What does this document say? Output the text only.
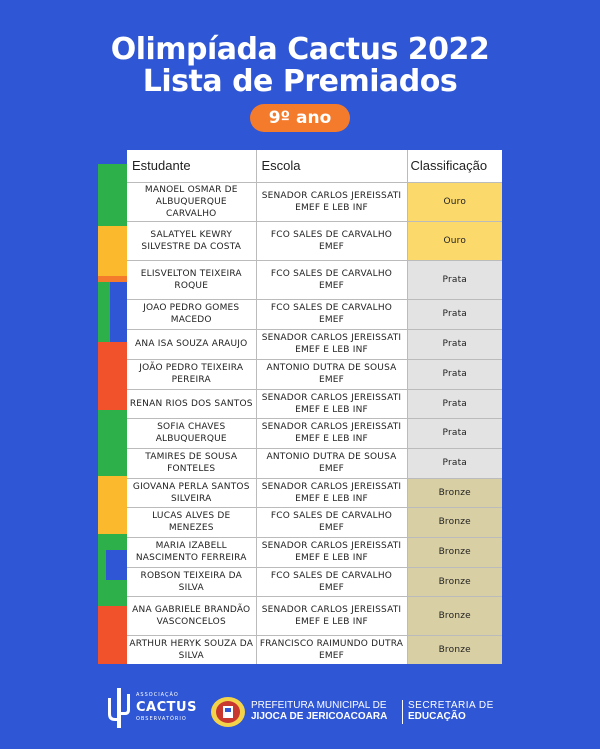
Olimpíada Cactus 2022
Lista de Premiados
9º ano
Estudante	Escola	Classificação
MANOEL OSMAR DE ALBUQUERQUE CARVALHO	SENADOR CARLOS JEREISSATI EMEF E LEB INF	Ouro
SALATYEL KEWRY SILVESTRE DA COSTA	FCO SALES DE CARVALHO EMEF	Ouro
ELISVELTON TEIXEIRA ROQUE	FCO SALES DE CARVALHO EMEF	Prata
JOAO PEDRO GOMES MACEDO	FCO SALES DE CARVALHO EMEF	Prata
ANA ISA SOUZA ARAUJO	SENADOR CARLOS JEREISSATI EMEF E LEB INF	Prata
JOÃO PEDRO TEIXEIRA PEREIRA	ANTONIO DUTRA DE SOUSA EMEF	Prata
RENAN RIOS DOS SANTOS	SENADOR CARLOS JEREISSATI EMEF E LEB INF	Prata
SOFIA CHAVES ALBUQUERQUE	SENADOR CARLOS JEREISSATI EMEF E LEB INF	Prata
TAMIRES DE SOUSA FONTELES	ANTONIO DUTRA DE SOUSA EMEF	Prata
GIOVANA PERLA SANTOS SILVEIRA	SENADOR CARLOS JEREISSATI EMEF E LEB INF	Bronze
LUCAS ALVES DE MENEZES	FCO SALES DE CARVALHO EMEF	Bronze
MARIA IZABELL NASCIMENTO FERREIRA	SENADOR CARLOS JEREISSATI EMEF E LEB INF	Bronze
ROBSON TEIXEIRA DA SILVA	FCO SALES DE CARVALHO EMEF	Bronze
ANA GABRIELE BRANDÃO VASCONCELOS	SENADOR CARLOS JEREISSATI EMEF E LEB INF	Bronze
ARTHUR HERYK SOUZA DA SILVA	FRANCISCO RAIMUNDO DUTRA EMEF	Bronze
ASSOCIAÇÃO
CACTUS
OBSERVATÓRIO
PREFEITURA MUNICIPAL DE
JIJOCA DE JERICOACOARA
SECRETARIA DE
EDUCAÇÃO
